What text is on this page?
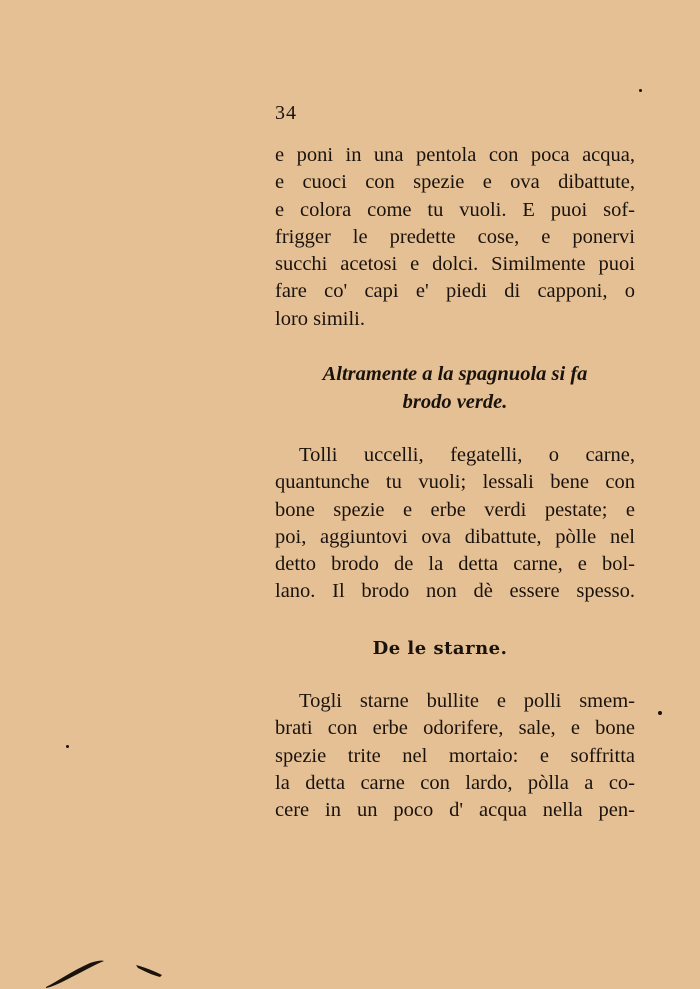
34
e poni in una pentola con poca acqua,
e cuoci con spezie e ova dibattute,
e colora come tu vuoli. E puoi sof-
frigger le predette cose, e ponervi
succhi acetosi e dolci. Similmente puoi
fare co' capi e' piedi di capponi, o
loro simili.
Altramente a la spagnuola si fa
brodo verde.
Tolli uccelli, fegatelli, o carne,
quantunche tu vuoli; lessali bene con
bone spezie e erbe verdi pestate; e
poi, aggiuntovi ova dibattute, pòlle nel
detto brodo de la detta carne, e bol-
lano. Il brodo non dè essere spesso.
De le starne.
Togli starne bullite e polli smem-
brati con erbe odorifere, sale, e bone
spezie trite nel mortaio: e soffritta
la detta carne con lardo, pòlla a co-
cere in un poco d' acqua nella pen-
